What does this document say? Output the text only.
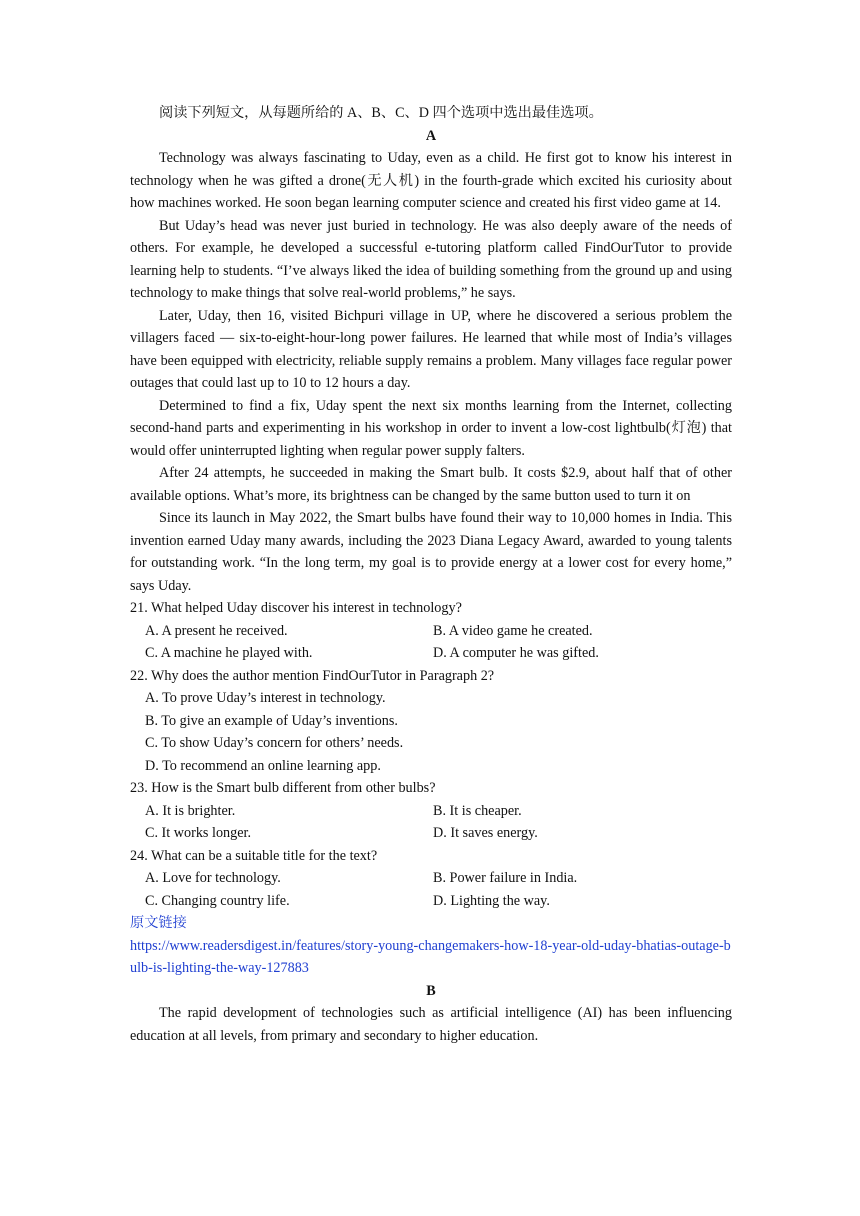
阅读下列短文，从每题所给的 A、B、C、D 四个选项中选出最佳选项。

A

Technology was always fascinating to Uday, even as a child. He first got to know his interest in technology when he was gifted a drone(无人机) in the fourth-grade which excited his curiosity about how machines worked. He soon began learning computer science and created his first video game at 14.

But Uday’s head was never just buried in technology. He was also deeply aware of the needs of others. For example, he developed a successful e-tutoring platform called FindOurTutor to provide learning help to students. “I’ve always liked the idea of building something from the ground up and using technology to make things that solve real-world problems,” he says.

Later, Uday, then 16, visited Bichpuri village in UP, where he discovered a serious problem the villagers faced — six-to-eight-hour-long power failures. He learned that while most of India’s villages have been equipped with electricity, reliable supply remains a problem. Many villages face regular power outages that could last up to 10 to 12 hours a day.

Determined to find a fix, Uday spent the next six months learning from the Internet, collecting second-hand parts and experimenting in his workshop in order to invent a low-cost lightbulb(灯泡) that would offer uninterrupted lighting when regular power supply falters.

After 24 attempts, he succeeded in making the Smart bulb. It costs $2.9, about half that of other available options. What’s more, its brightness can be changed by the same button used to turn it on

Since its launch in May 2022, the Smart bulbs have found their way to 10,000 homes in India. This invention earned Uday many awards, including the 2023 Diana Legacy Award, awarded to young talents for outstanding work. “In the long term, my goal is to provide energy at a lower cost for every home,” says Uday.

21. What helped Uday discover his interest in technology?

A. A present he received.	B. A video game he created.
C. A machine he played with.	D. A computer he was gifted.

22. Why does the author mention FindOurTutor in Paragraph 2?

A. To prove Uday’s interest in technology.

B. To give an example of Uday’s inventions.

C. To show Uday’s concern for others’ needs.

D. To recommend an online learning app.

23. How is the Smart bulb different from other bulbs?

A. It is brighter.	B. It is cheaper.
C. It works longer.	D. It saves energy.

24. What can be a suitable title for the text?

A. Love for technology.	B. Power failure in India.
C. Changing country life.	D. Lighting the way.

原文链接

https://www.readersdigest.in/features/story-young-changemakers-how-18-year-old-uday-bhatias-outage-bulb-is-lighting-the-way-127883

B

The rapid development of technologies such as artificial intelligence (AI) has been influencing education at all levels, from primary and secondary to higher education.
